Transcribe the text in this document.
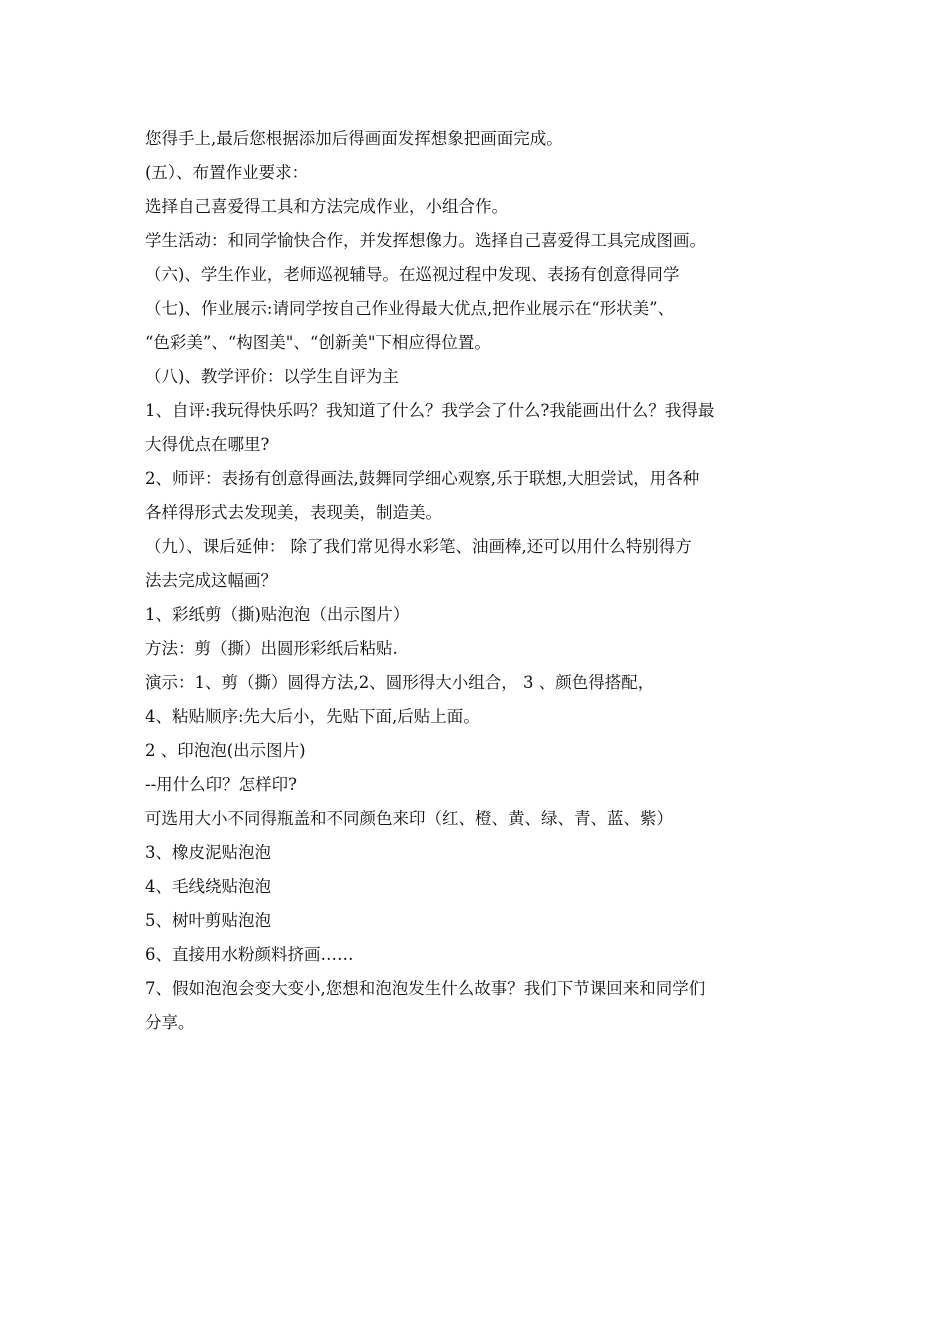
您得手上,最后您根据添加后得画面发挥想象把画面完成。
(五）、布置作业要求：
选择自己喜爱得工具和方法完成作业，小组合作。
学生活动：和同学愉快合作，并发挥想像力。选择自己喜爱得工具完成图画。
（六)、学生作业，老师巡视辅导。在巡视过程中发现、表扬有创意得同学
（七)、作业展示:请同学按自己作业得最大优点,把作业展示在“形状美”、
“色彩美”、“构图美"、“创新美"下相应得位置。
（八)、教学评价：以学生自评为主
1、自评:我玩得快乐吗？我知道了什么？我学会了什么?我能画出什么？我得最
大得优点在哪里?
2、师评：表扬有创意得画法,鼓舞同学细心观察,乐于联想,大胆尝试，用各种
各样得形式去发现美，表现美，制造美。
（九）、课后延伸： 除了我们常见得水彩笔、油画棒,还可以用什么特别得方
法去完成这幅画？
1、彩纸剪（撕)贴泡泡（出示图片）
方法：剪（撕）出圆形彩纸后粘贴.
演示：1、剪（撕）圆得方法,2、圆形得大小组合， 3 、颜色得搭配，
4、粘贴顺序:先大后小，先贴下面,后贴上面。
2 、印泡泡(出示图片)
--用什么印？怎样印?
可选用大小不同得瓶盖和不同颜色来印（红、橙、黄、绿、青、蓝、紫）
3、橡皮泥贴泡泡
4、毛线绕贴泡泡
5、树叶剪贴泡泡
6、直接用水粉颜料挤画……
7、假如泡泡会变大变小,您想和泡泡发生什么故事？我们下节课回来和同学们
分享。
